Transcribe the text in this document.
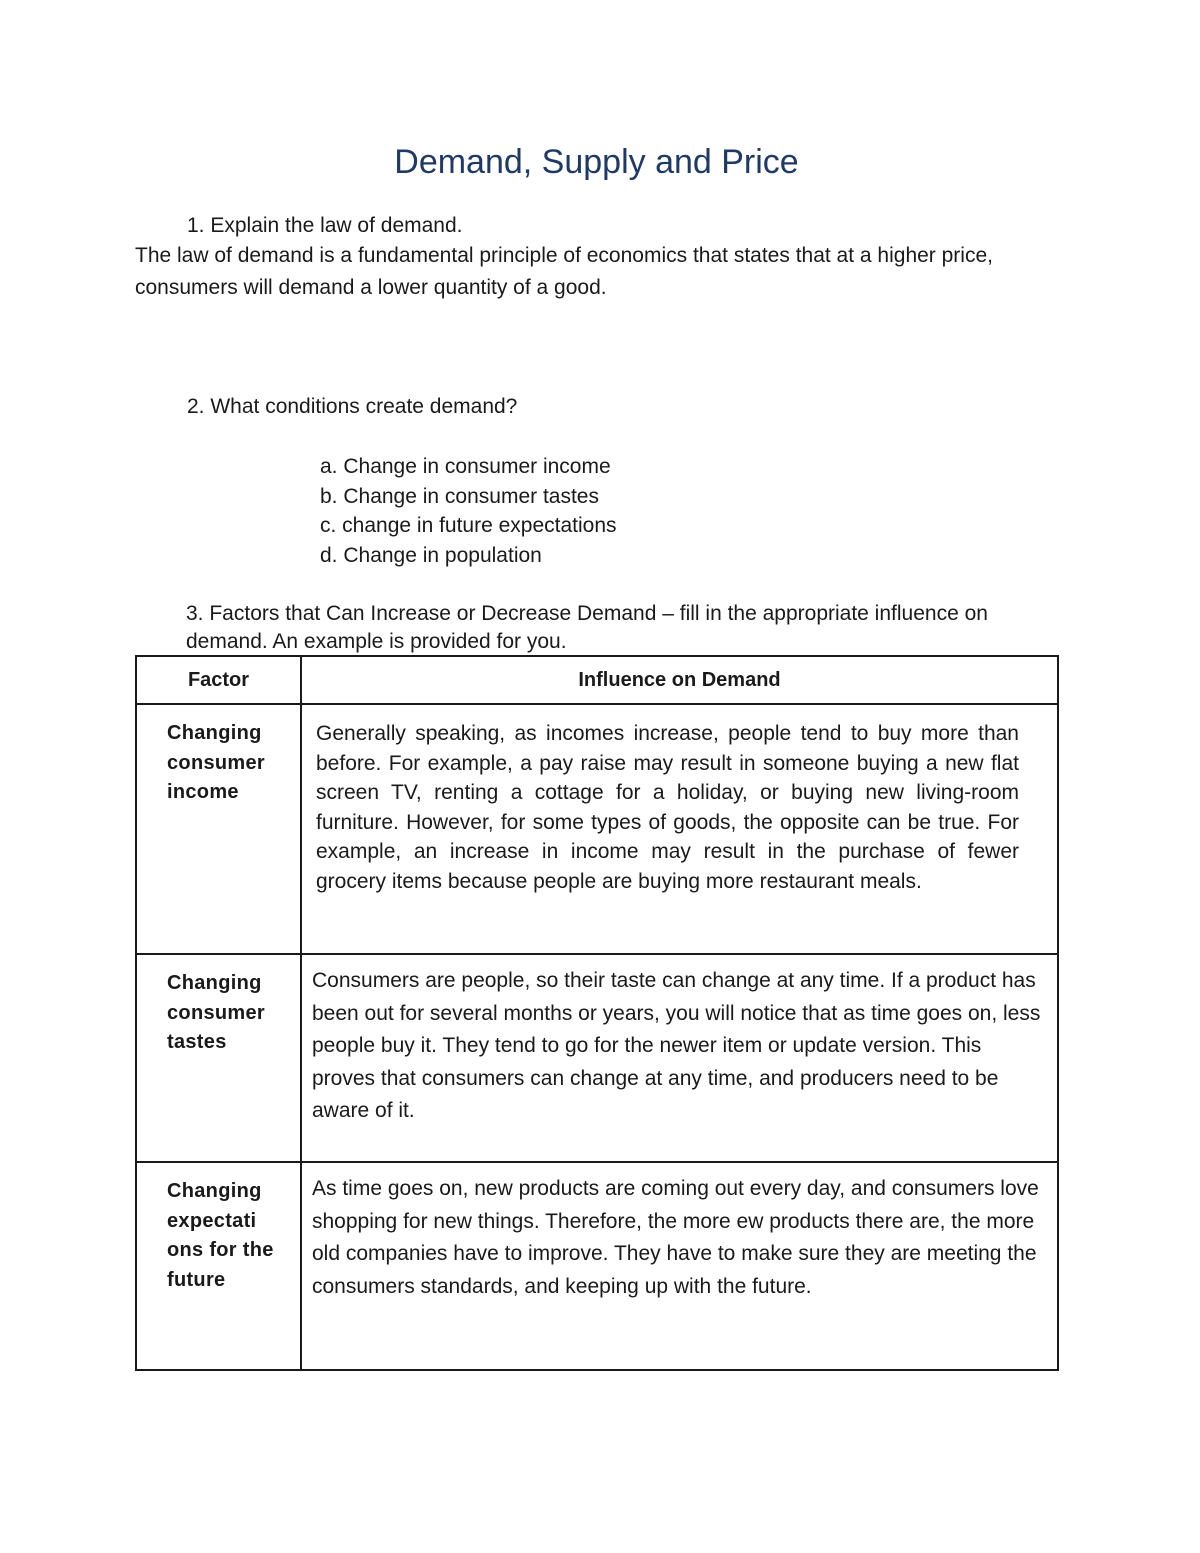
Demand, Supply and Price
1. Explain the law of demand.
The law of demand is a fundamental principle of economics that states that at a higher price, consumers will demand a lower quantity of a good.
2. What conditions create demand?
a. Change in consumer income
b. Change in consumer tastes
c. change in future expectations
d. Change in population
3. Factors that Can Increase or Decrease Demand – fill in the appropriate influence on demand. An example is provided for you.
Factor	Influence on Demand
Changing consumer income	Generally speaking, as incomes increase, people tend to buy more than before. For example, a pay raise may result in someone buying a new flat screen TV, renting a cottage for a holiday, or buying new living-room furniture. However, for some types of goods, the opposite can be true. For example, an increase in income may result in the purchase of fewer grocery items because people are buying more restaurant meals.
Changing consumer tastes	Consumers are people, so their taste can change at any time. If a product has been out for several months or years, you will notice that as time goes on, less people buy it. They tend to go for the newer item or update version. This proves that consumers can change at any time, and producers need to be aware of it.
Changing expectati ons for the future	As time goes on, new products are coming out every day, and consumers love shopping for new things. Therefore, the more ew products there are, the more old companies have to improve. They have to make sure they are meeting the consumers standards, and keeping up with the future.
